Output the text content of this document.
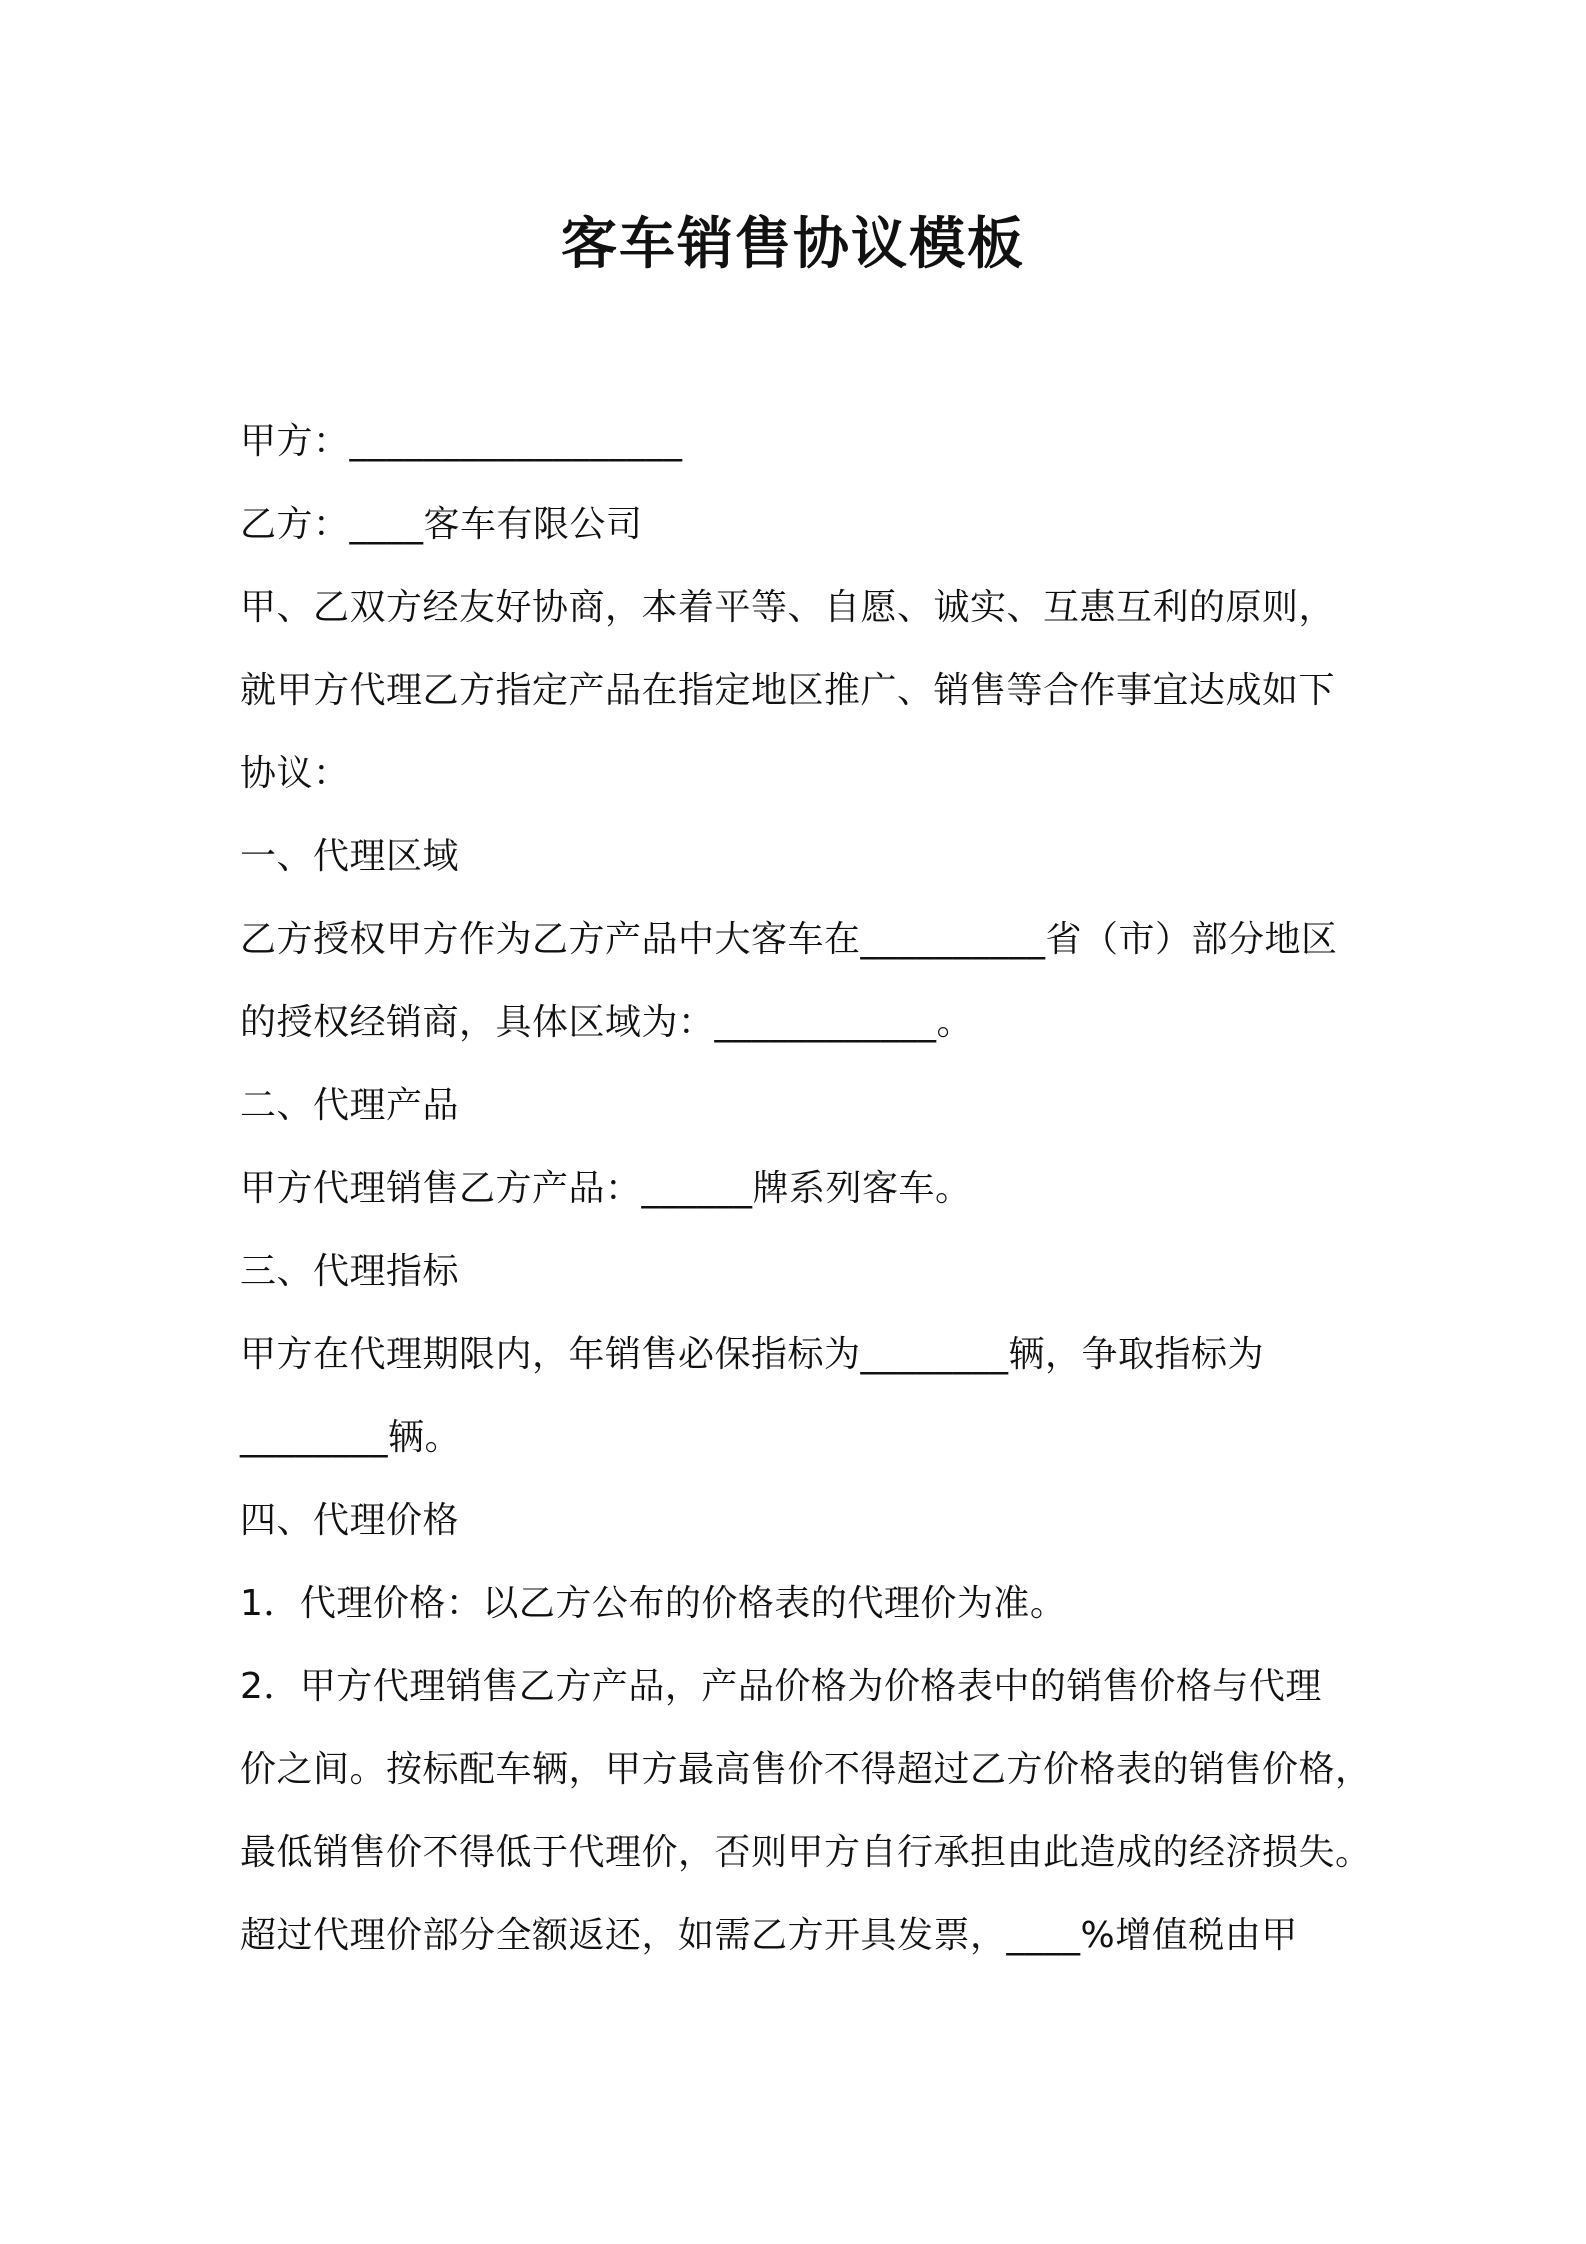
客车销售协议模板
甲方：__________________
乙方：____客车有限公司
甲、乙双方经友好协商，本着平等、自愿、诚实、互惠互利的原则，
就甲方代理乙方指定产品在指定地区推广、销售等合作事宜达成如下
协议：
一、代理区域
乙方授权甲方作为乙方产品中大客车在__________省（市）部分地区
的授权经销商，具体区域为：____________。
二、代理产品
甲方代理销售乙方产品：______牌系列客车。
三、代理指标
甲方在代理期限内，年销售必保指标为________辆，争取指标为
________辆。
四、代理价格
1．代理价格：以乙方公布的价格表的代理价为准。
2．甲方代理销售乙方产品，产品价格为价格表中的销售价格与代理
价之间。按标配车辆，甲方最高售价不得超过乙方价格表的销售价格，
最低销售价不得低于代理价，否则甲方自行承担由此造成的经济损失。
超过代理价部分全额返还，如需乙方开具发票，____%增值税由甲
